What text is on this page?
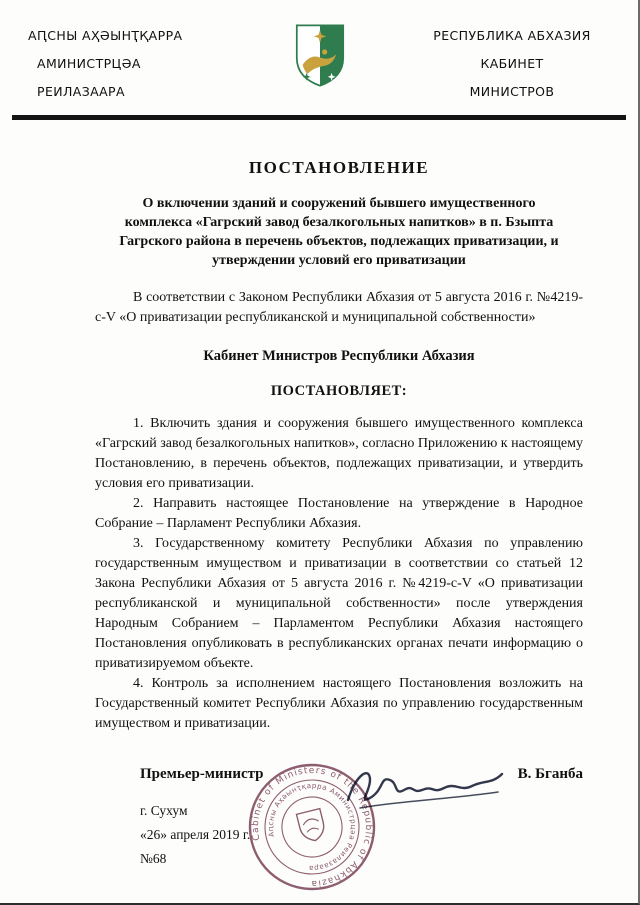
АԤСНЫ АҲӘЫНҬҚАРРА
АМИНИСТРЦӘА
РЕИЛАЗААРА
РЕСПУБЛИКА АБХАЗИЯ
КАБИНЕТ
МИНИСТРОВ
ПОСТАНОВЛЕНИЕ
О включении зданий и сооружений бывшего имущественного комплекса «Гагрский завод безалкогольных напитков» в п. Бзыпта Гагрского района в перечень объектов, подлежащих приватизации, и утверждении условий его приватизации

В соответствии с Законом Республики Абхазия от 5 августа 2016 г. №4219-с-V «О приватизации республиканской и муниципальной собственности»

Кабинет Министров Республики Абхазия
ПОСТАНОВЛЯЕТ:

1. Включить здания и сооружения бывшего имущественного комплекса «Гагрский завод безалкогольных напитков», согласно Приложению к настоящему Постановлению, в перечень объектов, подлежащих приватизации, и утвердить условия его приватизации.

2. Направить настоящее Постановление на утверждение в Народное Собрание – Парламент Республики Абхазия.

3. Государственному комитету Республики Абхазия по управлению государственным имуществом и приватизации в соответствии со статьей 12 Закона Республики Абхазия от 5 августа 2016 г. №4219-с-V «О приватизации республиканской и муниципальной собственности» после утверждения Народным Собранием – Парламентом Республики Абхазия настоящего Постановления опубликовать в республиканских органах печати информацию о приватизируемом объекте.

4. Контроль за исполнением настоящего Постановления возложить на Государственный комитет Республики Абхазия по управлению государственным имуществом и приватизации.

Cabinet of Ministers of the Republic of Abkhazia
Аԥсны Аҳәынҭқарра Аминистрцәа Реилазаара
Премьер-министр	В. Бганба
г. Сухум
«26» апреля 2019 г.
№68
